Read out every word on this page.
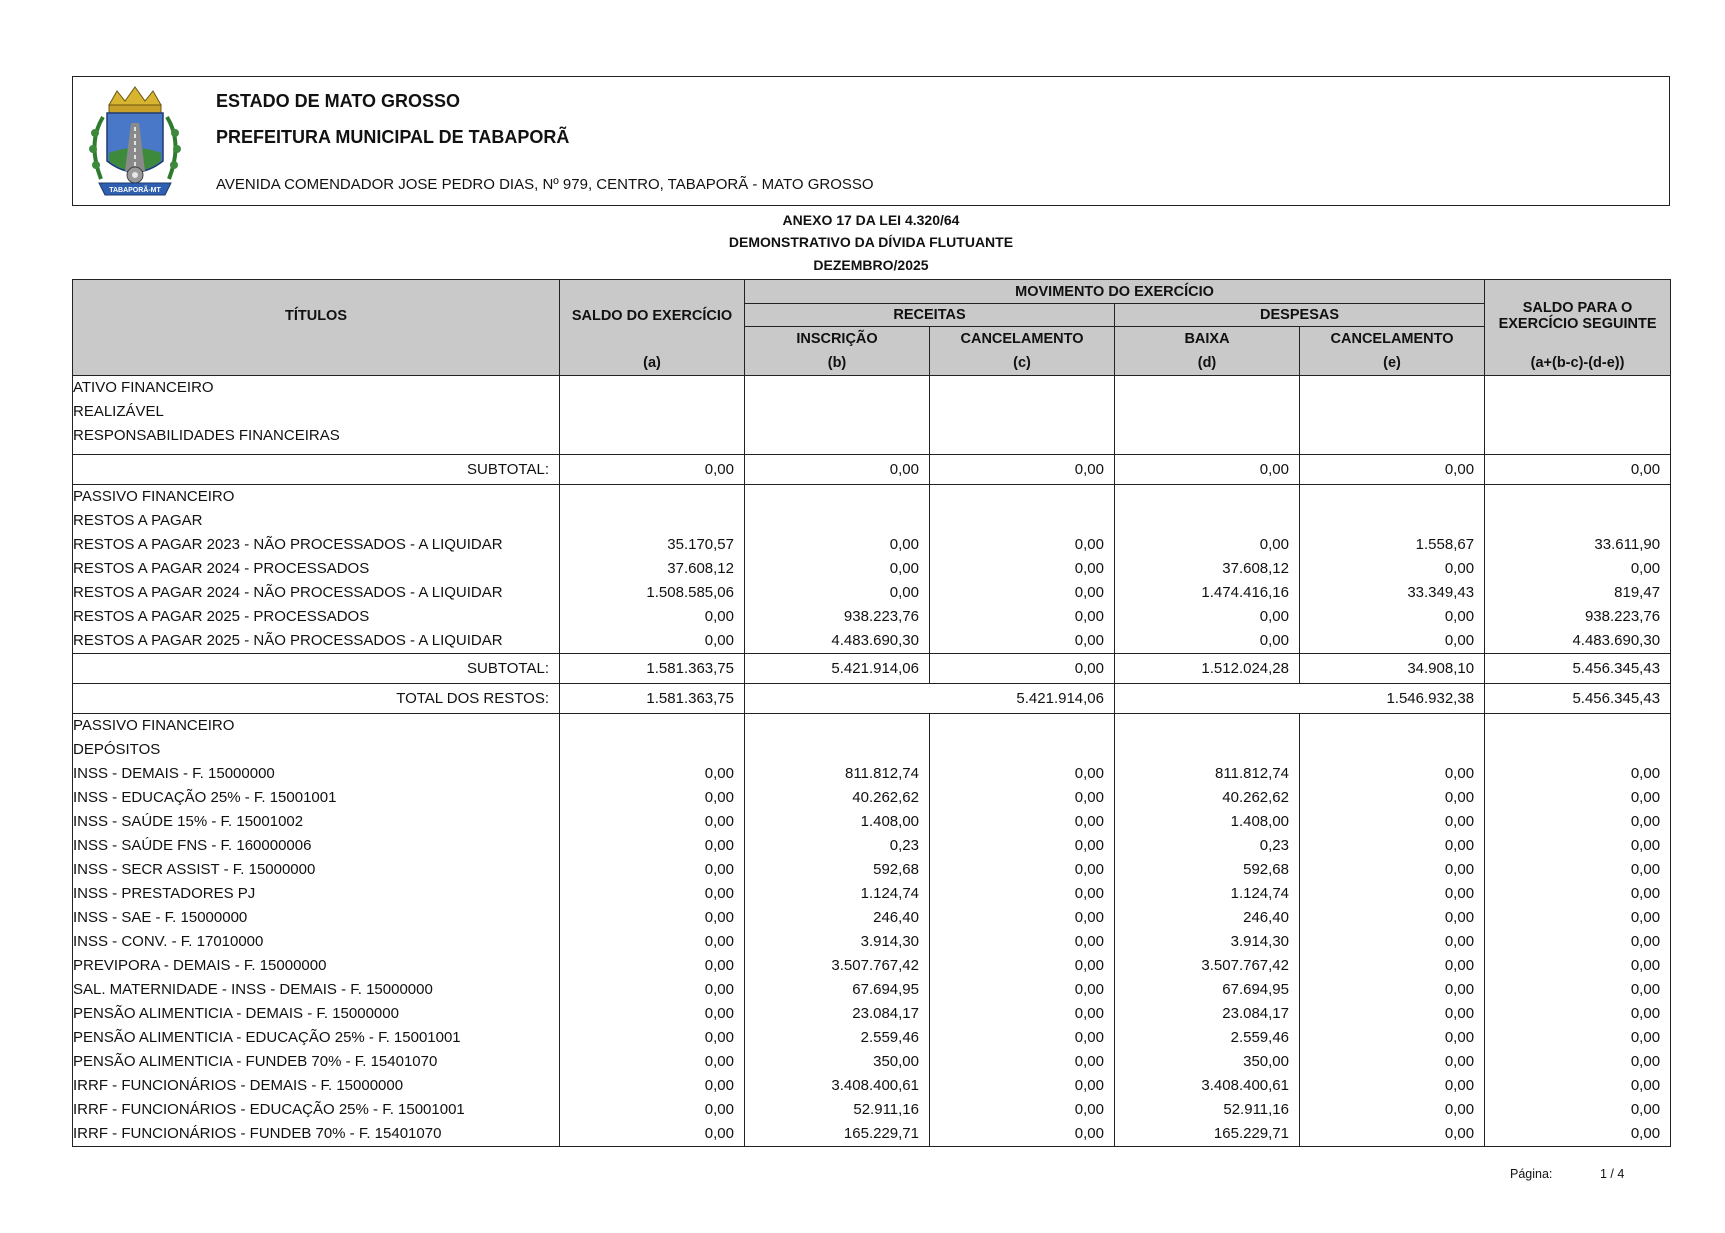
TABAPORÃ-MT
ESTADO DE MATO GROSSO
PREFEITURA MUNICIPAL DE TABAPORÃ
AVENIDA COMENDADOR JOSE PEDRO DIAS, Nº 979, CENTRO, TABAPORÃ - MATO GROSSO
ANEXO 17 DA LEI 4.320/64
DEMONSTRATIVO DA DÍVIDA FLUTUANTE
DEZEMBRO/2025
TÍTULOS	SALDO DO EXERCÍCIO	MOVIMENTO DO EXERCÍCIO				SALDO PARA O EXERCÍCIO SEGUINTE
		RECEITAS		DESPESAS		
		INSCRIÇÃO	CANCELAMENTO	BAIXA	CANCELAMENTO	
	(a)	(b)	(c)	(d)	(e)	(a+(b-c)-(d-e))
ATIVO FINANCEIRO						
REALIZÁVEL						
RESPONSABILIDADES FINANCEIRAS						

SUBTOTAL:	0,00	0,00	0,00	0,00	0,00	0,00
PASSIVO FINANCEIRO						
RESTOS A PAGAR						
RESTOS A PAGAR 2023 - NÃO PROCESSADOS - A LIQUIDAR	35.170,57	0,00	0,00	0,00	1.558,67	33.611,90
RESTOS A PAGAR 2024 - PROCESSADOS	37.608,12	0,00	0,00	37.608,12	0,00	0,00
RESTOS A PAGAR 2024 - NÃO PROCESSADOS - A LIQUIDAR	1.508.585,06	0,00	0,00	1.474.416,16	33.349,43	819,47
RESTOS A PAGAR 2025 - PROCESSADOS	0,00	938.223,76	0,00	0,00	0,00	938.223,76
RESTOS A PAGAR 2025 - NÃO PROCESSADOS - A LIQUIDAR	0,00	4.483.690,30	0,00	0,00	0,00	4.483.690,30
SUBTOTAL:	1.581.363,75	5.421.914,06	0,00	1.512.024,28	34.908,10	5.456.345,43
TOTAL DOS RESTOS:	1.581.363,75	5.421.914,06		1.546.932,38		5.456.345,43
PASSIVO FINANCEIRO						
DEPÓSITOS						
INSS - DEMAIS - F. 15000000	0,00	811.812,74	0,00	811.812,74	0,00	0,00
INSS - EDUCAÇÃO 25% - F. 15001001	0,00	40.262,62	0,00	40.262,62	0,00	0,00
INSS - SAÚDE 15% - F. 15001002	0,00	1.408,00	0,00	1.408,00	0,00	0,00
INSS - SAÚDE FNS - F. 160000006	0,00	0,23	0,00	0,23	0,00	0,00
INSS - SECR ASSIST - F. 15000000	0,00	592,68	0,00	592,68	0,00	0,00
INSS - PRESTADORES PJ	0,00	1.124,74	0,00	1.124,74	0,00	0,00
INSS - SAE - F. 15000000	0,00	246,40	0,00	246,40	0,00	0,00
INSS - CONV. - F. 17010000	0,00	3.914,30	0,00	3.914,30	0,00	0,00
PREVIPORA - DEMAIS - F. 15000000	0,00	3.507.767,42	0,00	3.507.767,42	0,00	0,00
SAL. MATERNIDADE - INSS - DEMAIS - F. 15000000	0,00	67.694,95	0,00	67.694,95	0,00	0,00
PENSÃO ALIMENTICIA - DEMAIS - F. 15000000	0,00	23.084,17	0,00	23.084,17	0,00	0,00
PENSÃO ALIMENTICIA - EDUCAÇÃO 25% - F. 15001001	0,00	2.559,46	0,00	2.559,46	0,00	0,00
PENSÃO ALIMENTICIA - FUNDEB 70% - F. 15401070	0,00	350,00	0,00	350,00	0,00	0,00
IRRF - FUNCIONÁRIOS - DEMAIS - F. 15000000	0,00	3.408.400,61	0,00	3.408.400,61	0,00	0,00
IRRF - FUNCIONÁRIOS - EDUCAÇÃO 25% - F. 15001001	0,00	52.911,16	0,00	52.911,16	0,00	0,00
IRRF - FUNCIONÁRIOS - FUNDEB 70% - F. 15401070	0,00	165.229,71	0,00	165.229,71	0,00	0,00
Página:	1 / 4
